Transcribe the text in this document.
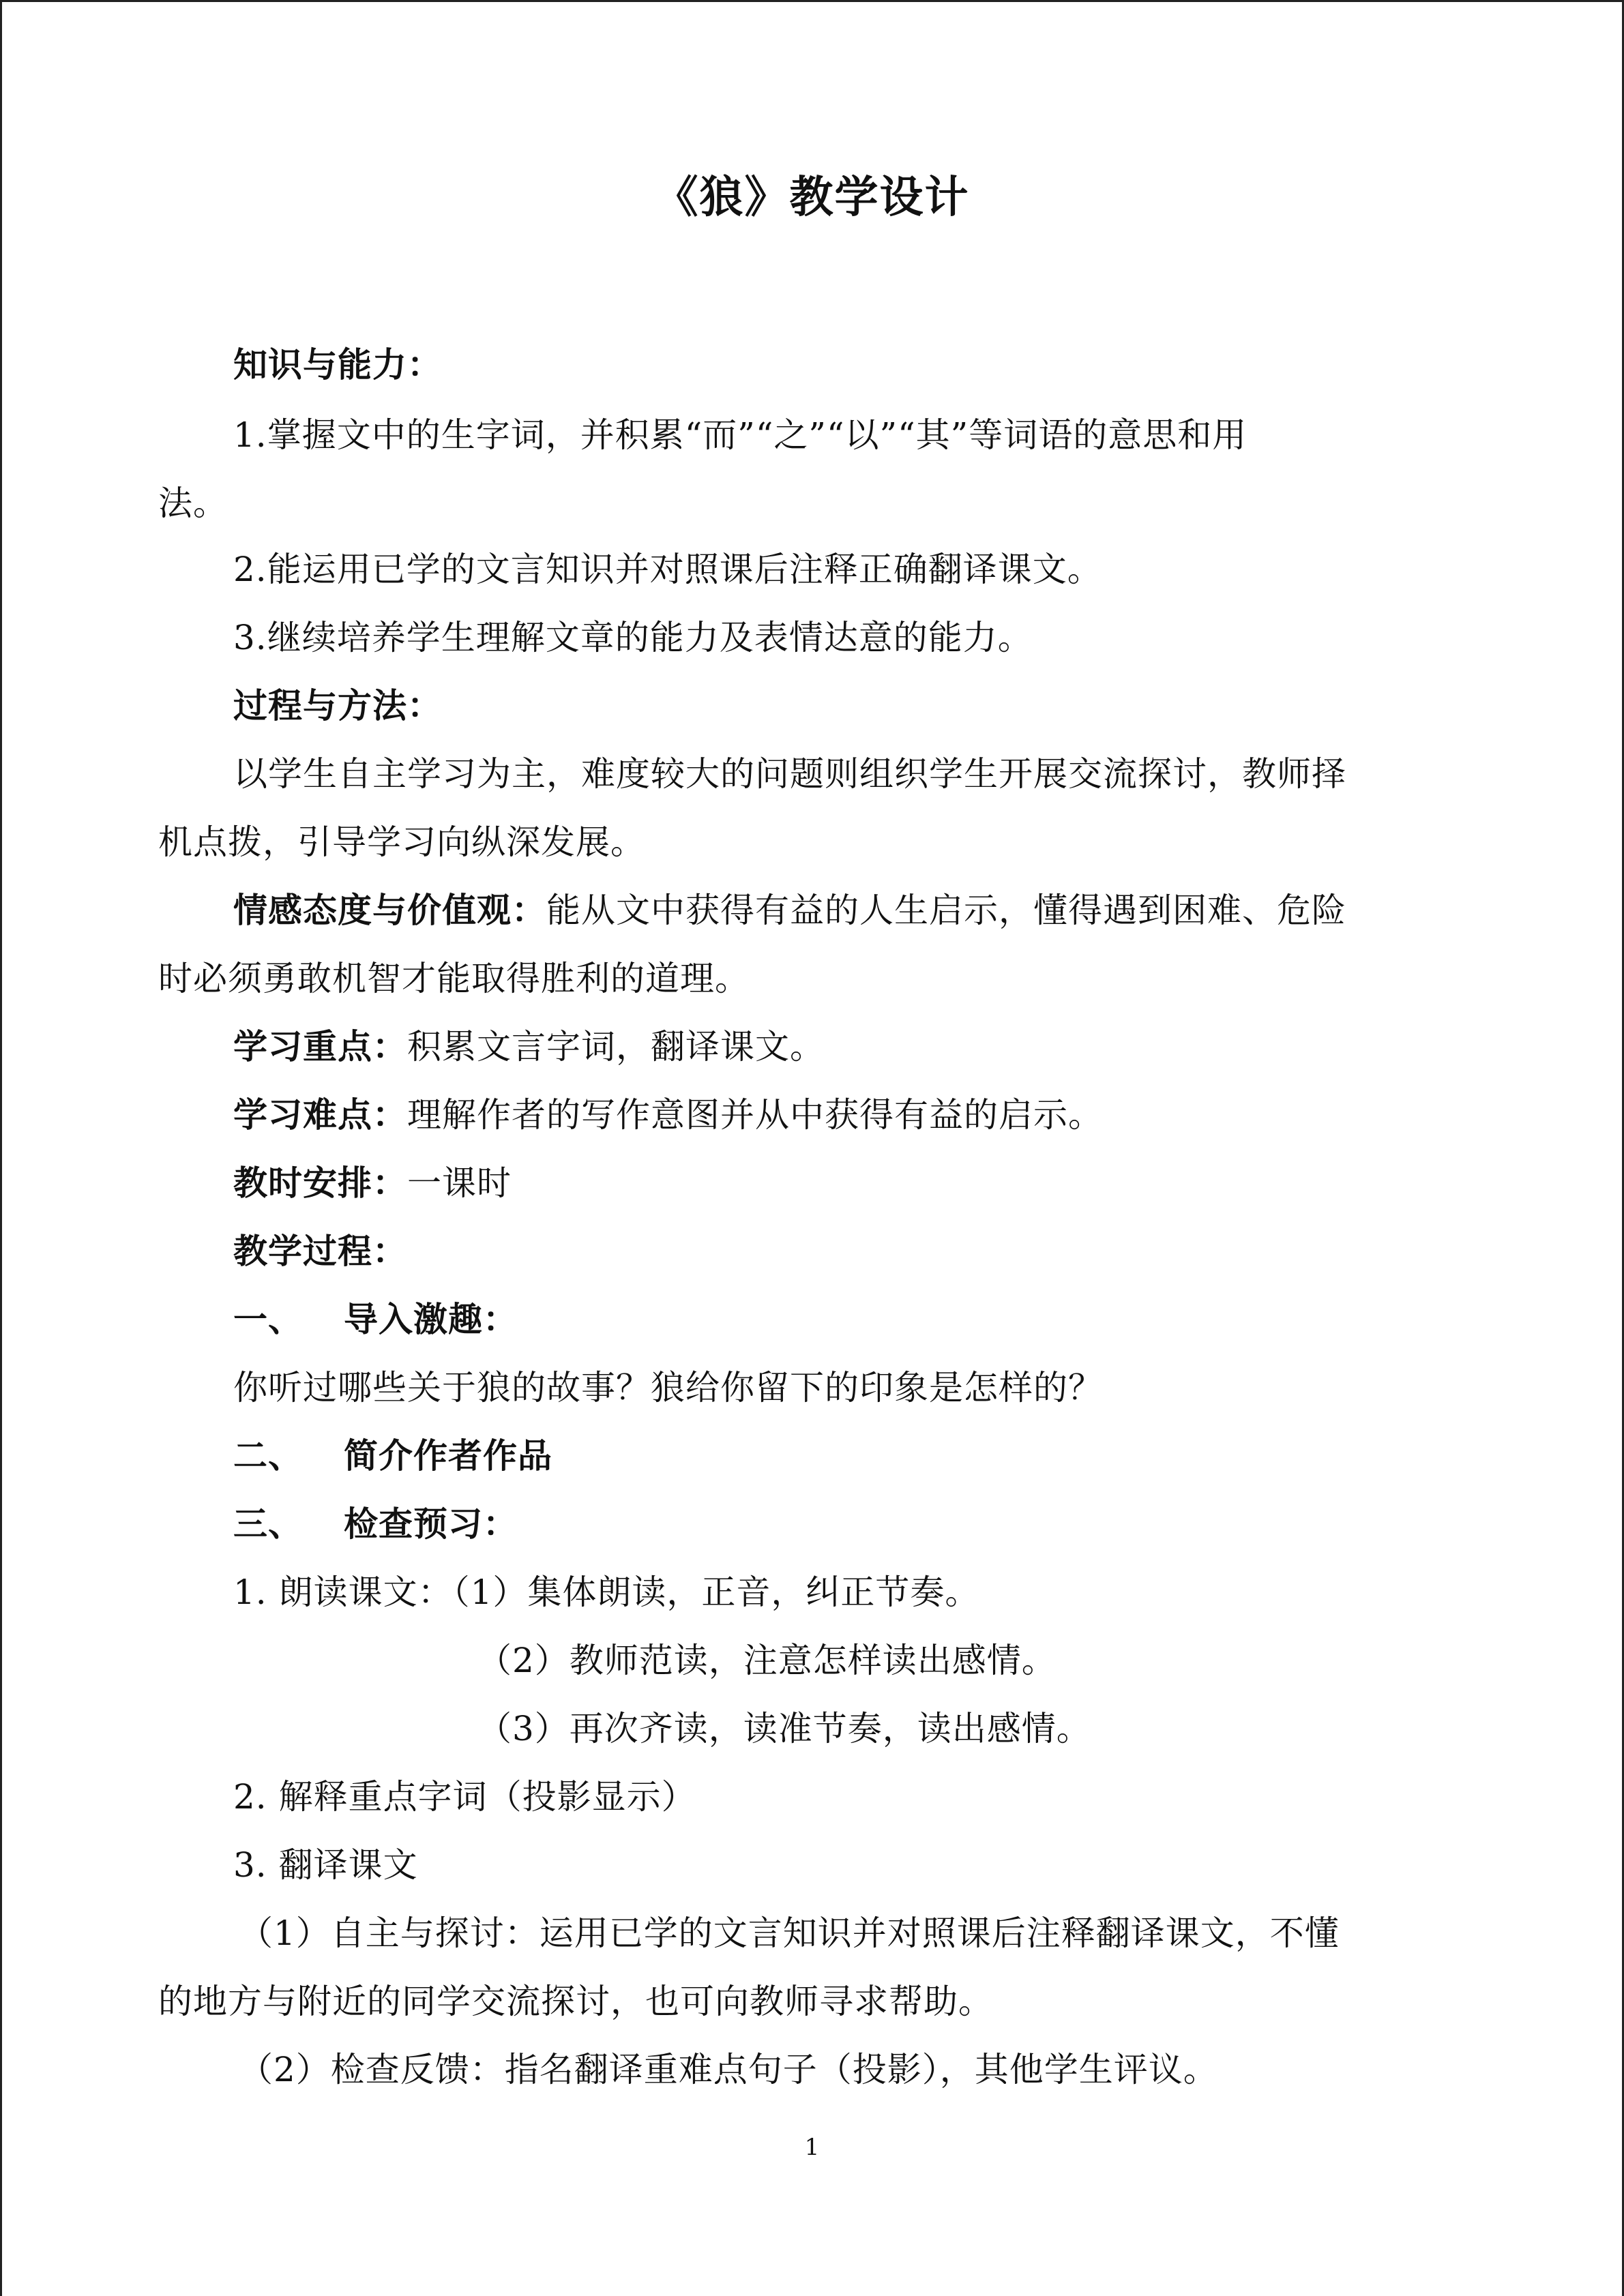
《狼》教学设计
知识与能力：
1.掌握文中的生字词，并积累“而”“之”“以”“其”等词语的意思和用
法。
2.能运用已学的文言知识并对照课后注释正确翻译课文。
3.继续培养学生理解文章的能力及表情达意的能力。
过程与方法：
以学生自主学习为主，难度较大的问题则组织学生开展交流探讨，教师择
机点拨，引导学习向纵深发展。
情感态度与价值观：能从文中获得有益的人生启示，懂得遇到困难、危险
时必须勇敢机智才能取得胜利的道理。
学习重点：积累文言字词，翻译课文。
学习难点：理解作者的写作意图并从中获得有益的启示。
教时安排：一课时
教学过程：
一、 导入激趣：
你听过哪些关于狼的故事？狼给你留下的印象是怎样的？
二、 简介作者作品
三、 检查预习：
1. 朗读课文：（1）集体朗读，正音，纠正节奏。
（2）教师范读，注意怎样读出感情。
（3）再次齐读，读准节奏，读出感情。
2. 解释重点字词（投影显示）
3. 翻译课文
（1）自主与探讨：运用已学的文言知识并对照课后注释翻译课文，不懂
的地方与附近的同学交流探讨，也可向教师寻求帮助。
（2）检查反馈：指名翻译重难点句子（投影），其他学生评议。
1
